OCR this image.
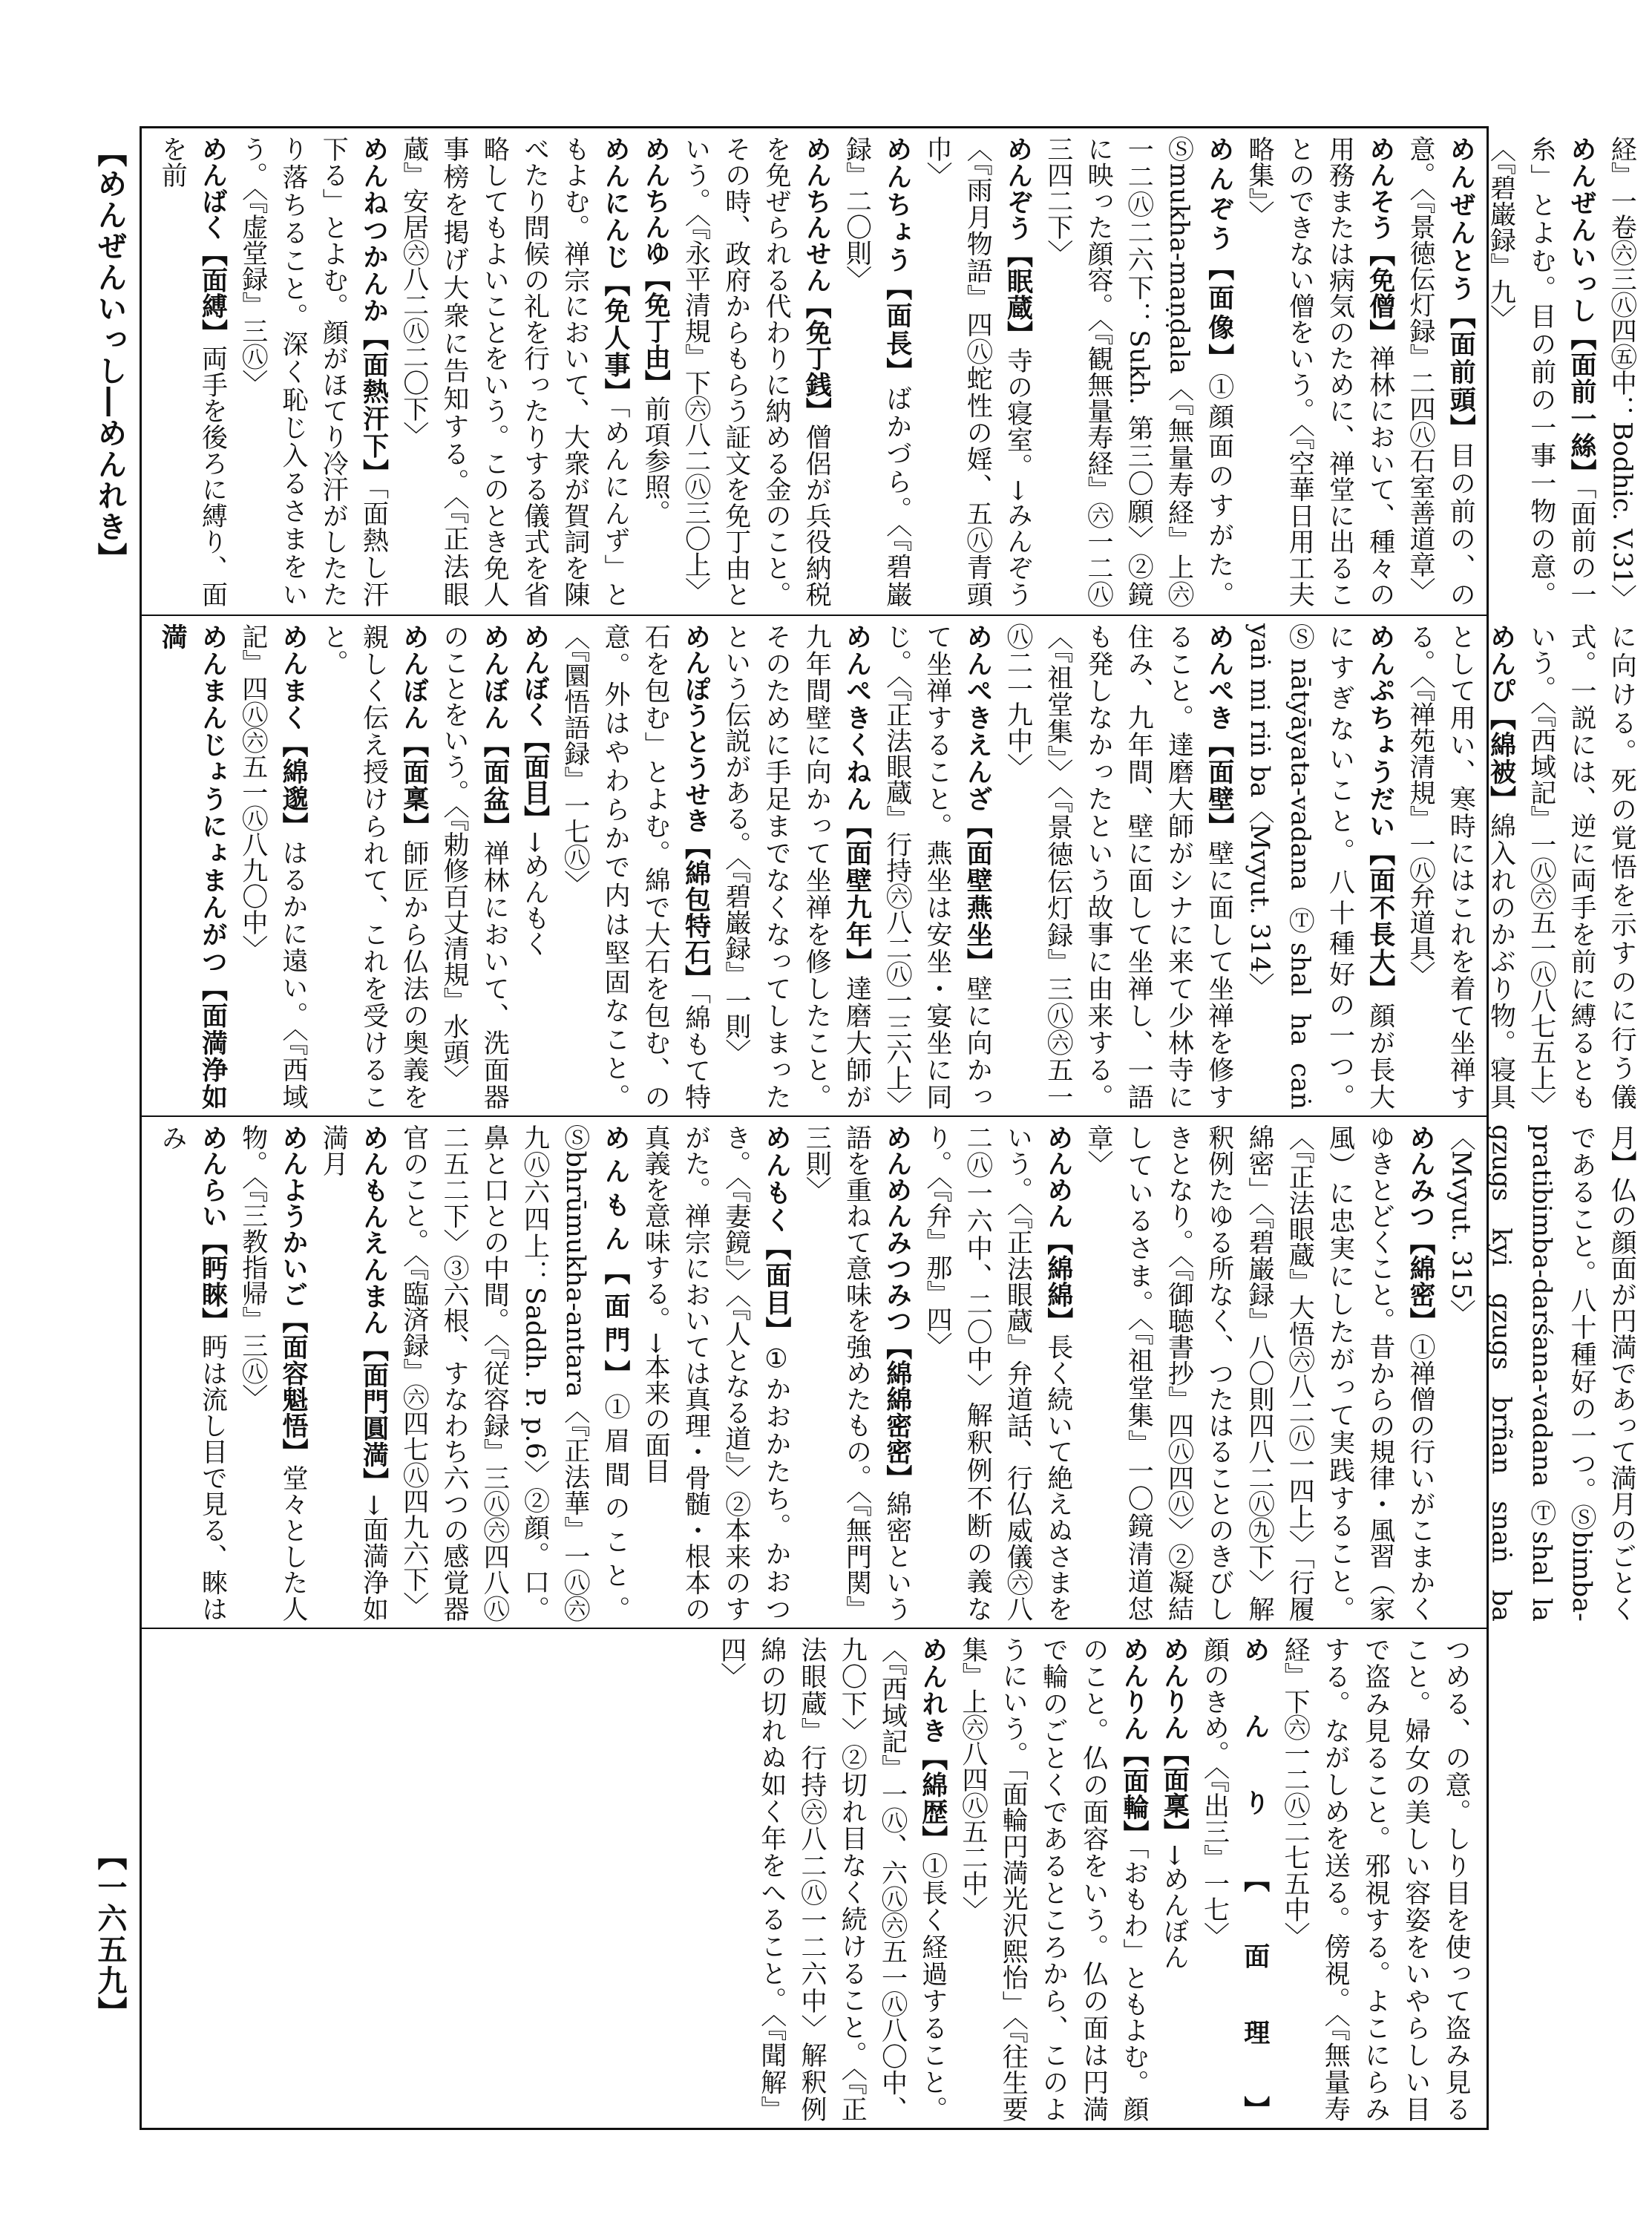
【めんぜんいっし―めんれき】
【一六五九】
経』一卷㊅三㊇四㊄中：Bodhic. V.31〉
めんぜんいっし【面前一絲】「面前の一糸」とよむ。目の前の一事一物の意。〈『碧巌録』九〉
めんぜんとう【面前頭】目の前の、の意。〈『景徳伝灯録』二四㊇石室善道章〉
めんそう【免僧】禅林において、種々の用務または病気のために、禅堂に出ることのできない僧をいう。〈『空華日用工夫略集』〉
めんぞう【面像】①顔面のすがた。Ⓢmukha-maṇḍala〈『無量寿経』上㊅一二㊇二六下：Sukh. 第三〇願〉②鏡に映った顔容。〈『観無量寿経』㊅一二㊇三四二下〉
めんぞう【眠蔵】寺の寝室。→みんぞう〈『雨月物語』四㊇蛇性の婬、五㊇青頭巾〉
めんちょう【面長】ばかづら。〈『碧巌録』二〇則〉
めんちんせん【免丁銭】僧侶が兵役納税を免ぜられる代わりに納める金のこと。その時、政府からもらう証文を免丁由という。〈『永平清規』下㊅八二㊇三〇上〉
めんちんゆ【免丁由】前項参照。
めんにんじ【免人事】「めんにんず」ともよむ。禅宗において、大衆が賀詞を陳べたり問候の礼を行ったりする儀式を省略してもよいことをいう。このとき免人事榜を掲げ大衆に告知する。〈『正法眼蔵』安居㊅八二㊇二〇下〉
めんねつかんか【面熱汗下】「面熱し汗下る」とよむ。顔がほてり冷汗がしたたり落ちること。深く恥じ入るさまをいう。〈『虚堂録』三㊇〉
めんばく【面縛】両手を後ろに縛り、面を前
に向ける。死の覚悟を示すのに行う儀式。一説には、逆に両手を前に縛るともいう。〈『西域記』一㊇㊅五一㊇八七五上〉
めんぴ【綿被】綿入れのかぶり物。寝具として用い、寒時にはこれを着て坐禅する。〈『禅苑清規』一㊇弁道具〉
めんぷちょうだい【面不長大】顔が長大にすぎないこと。八十種好の一つ。Ⓢnātyāyata-vadana Ⓣshal ha caṅ yaṅ mi riṅ ba〈Mvyut. 314〉
めんぺき【面壁】壁に面して坐禅を修すること。達磨大師がシナに来て少林寺に住み、九年間、壁に面して坐禅し、一語も発しなかったという故事に由来する。〈『祖堂集』〉〈『景徳伝灯録』三㊇㊅五一㊇二一九中〉
めんぺきえんざ【面壁燕坐】壁に向かって坐禅すること。燕坐は安坐・宴坐に同じ。〈『正法眼蔵』行持㊅八二㊇一三六上〉
めんぺきくねん【面壁九年】達磨大師が九年間壁に向かって坐禅を修したこと。そのために手足までなくなってしまったという伝説がある。〈『碧巌録』一則〉
めんぽうとうせき【綿包特石】「綿もて特石を包む」とよむ。綿で大石を包む、の意。外はやわらかで内は堅固なこと。〈『圜悟語録』一七㊇〉
めんぼく【面目】→めんもく
めんぼん【面盆】禅林において、洗面器のことをいう。〈『勅修百丈清規』水頭〉
めんぼん【面稟】師匠から仏法の奥義を親しく伝え授けられて、これを受けること。
めんまく【綿邈】はるかに遠い。〈『西域記』四㊇㊅五一㊇八九〇中〉
めんまんじょうにょまんがつ【面満浄如満
月】仏の顔面が円満であって満月のごとくであること。八十種好の一つ。Ⓢbimba-pratibimba-darśana-vadana Ⓣshal la gzugs kyi gzugs brñan snaṅ ba〈Mvyut. 315〉
めんみつ【綿密】①禅僧の行いがこまかくゆきとどくこと。昔からの規律・風習（家風）に忠実にしたがって実践すること。〈『正法眼蔵』大悟㊅八二㊇一四上〉「行履綿密」〈『碧巌録』八〇則四八二㊇㊈下〉解釈例たゆる所なく、つたはることのきびしきとなり。〈『御聴書抄』四㊇四㊇〉②凝結しているさま。〈『祖堂集』一〇鏡清道怤章〉
めんめん【綿綿】長く続いて絶えぬさまをいう。〈『正法眼蔵』弁道話、行仏威儀㊅八二㊇一六中、二〇中〉解釈例不断の義なり。〈『弁』那』四〉
めんめんみつみつ【綿綿密密】綿密という語を重ねて意味を強めたもの。〈『無門関』三則〉
めんもく【面目】①かおかたち。かおつき。〈『妻鏡』〉〈『人となる道』〉②本来のすがた。禅宗においては真理・骨髄・根本の真義を意味する。→本来の面目
めんもん【面門】①眉間のこと。Ⓢbhrūmukha-antara〈『正法華』一㊇㊅九㊇六四上：Saddh. P. p.6〉②顔。口。鼻と口との中間。〈『従容録』三㊇㊅四八㊇二五二下〉③六根、すなわち六つの感覚器官のこと。〈『臨済録』㊅四七㊇四九六下〉
めんもんえんまん【面門圓満】→面満浄如満月
めんようかいご【面容魁悟】堂々とした人物。〈『三教指帰』三㊇〉
めんらい【眄睞】眄は流し目で見る、睞はみ
つめる、の意。しり目を使って盗み見ること。婦女の美しい容姿をいやらしい目で盗み見ること。邪視する。よこにらみする。ながしめを送る。傍視。〈『無量寿経』下㊅一二㊇二七五中〉
めんり【面理】顔のきめ。〈『出三』一七〉
めんりん【面稟】→めんぼん
めんりん【面輪】「おもわ」ともよむ。顔のこと。仏の面容をいう。仏の面は円満で輪のごとくであるところから、このようにいう。「面輪円満光沢熙怡」〈『往生要集』上㊅八四㊇五二中〉
めんれき【綿歴】①長く経過すること。〈『西域記』一㊇、六㊇㊅五一㊇八〇中、九〇下〉②切れ目なく続けること。〈『正法眼蔵』行持㊅八二㊇一二六中〉解釈例綿の切れぬ如く年をへること。〈『聞解』四〉
